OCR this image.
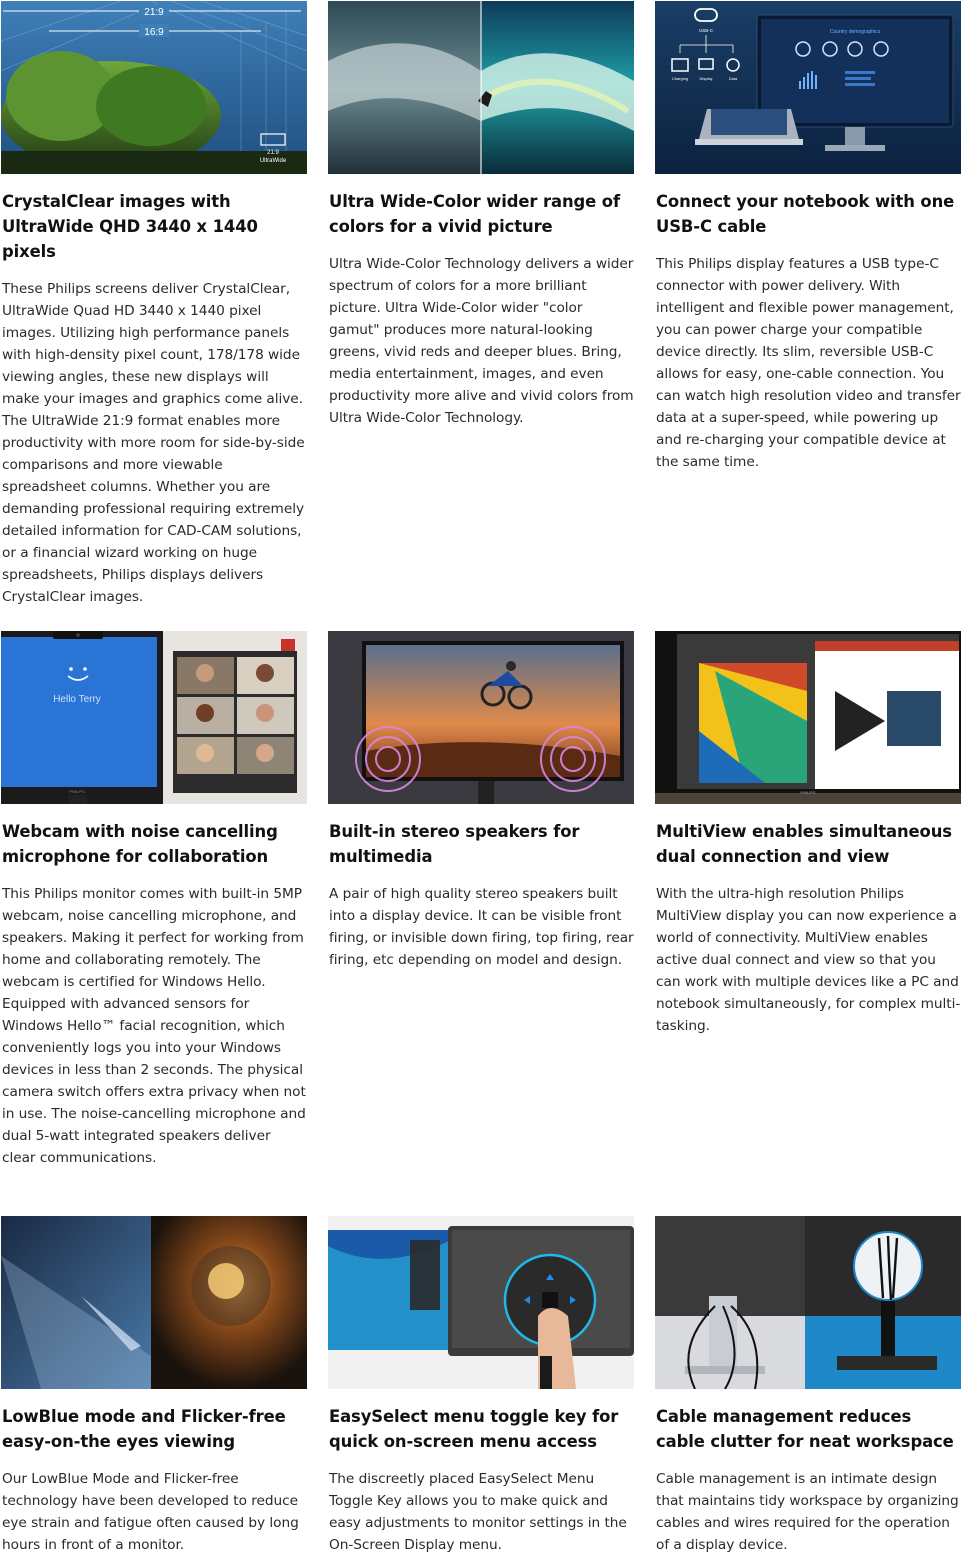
21:9
16:9
21:9
UltraWide
CrystalClear images with UltraWide QHD 3440 x 1440 pixels
These Philips screens deliver CrystalClear, UltraWide Quad HD 3440 x 1440 pixel images. Utilizing high performance panels with high-density pixel count, 178/178 wide viewing angles, these new displays will make your images and graphics come alive. The UltraWide 21:9 format enables more productivity with more room for side-by-side comparisons and more viewable spreadsheet columns. Whether you are demanding professional requiring extremely detailed information for CAD-CAM solutions, or a financial wizard working on huge spreadsheets, Philips displays delivers CrystalClear images.
Ultra Wide-Color wider range of colors for a vivid picture
Ultra Wide-Color Technology delivers a wider spectrum of colors for a more brilliant picture. Ultra Wide-Color wider "color gamut" produces more natural-looking greens, vivid reds and deeper blues. Bring, media entertainment, images, and even productivity more alive and vivid colors from Ultra Wide-Color Technology.
Country demographics
USB-C
Charging	Display	Data
Connect your notebook with one USB-C cable
This Philips display features a USB type-C connector with power delivery. With intelligent and flexible power management, you can power charge your compatible device directly. Its slim, reversible USB-C allows for easy, one-cable connection. You can watch high resolution video and transfer data at a super-speed, while powering up and re-charging your compatible device at the same time.
Hello Terry
PHILIPS
Webcam with noise cancelling microphone for collaboration
This Philips monitor comes with built-in 5MP webcam, noise cancelling microphone, and speakers. Making it perfect for working from home and collaborating remotely. The webcam is certified for Windows Hello. Equipped with advanced sensors for Windows Hello™ facial recognition, which conveniently logs you into your Windows devices in less than 2 seconds. The physical camera switch offers extra privacy when not in use. The noise-cancelling microphone and dual 5-watt integrated speakers deliver clear communications.
Built-in stereo speakers for multimedia
A pair of high quality stereo speakers built into a display device. It can be visible front firing, or invisible down firing, top firing, rear firing, etc depending on model and design.
PHILIPS
MultiView enables simultaneous dual connection and view
With the ultra-high resolution Philips MultiView display you can now experience a world of connectivity. MultiView enables active dual connect and view so that you can work with multiple devices like a PC and notebook simultaneously, for complex multi-tasking.
LowBlue mode and Flicker-free easy-on-the eyes viewing
Our LowBlue Mode and Flicker-free technology have been developed to reduce eye strain and fatigue often caused by long hours in front of a monitor.
EasySelect menu toggle key for quick on-screen menu access
The discreetly placed EasySelect Menu Toggle Key allows you to make quick and easy adjustments to monitor settings in the On-Screen Display menu.
Cable management reduces cable clutter for neat workspace
Cable management is an intimate design that maintains tidy workspace by organizing cables and wires required for the operation of a display device.
